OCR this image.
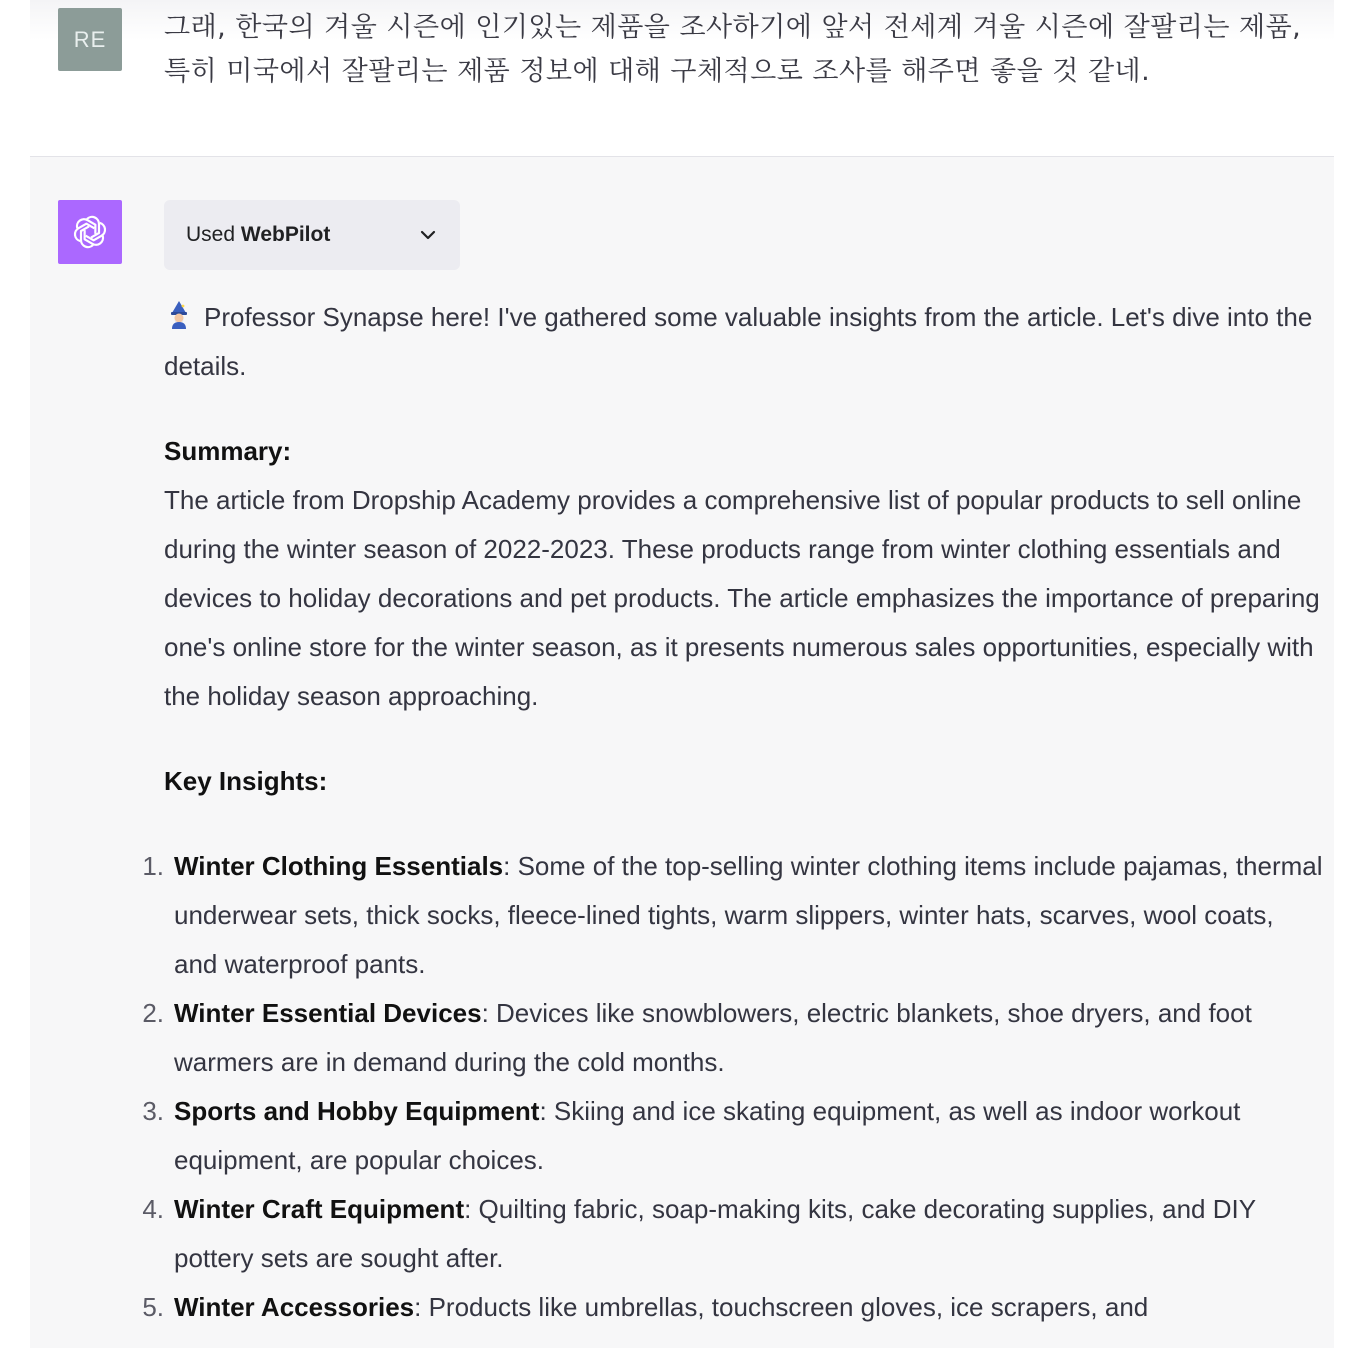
RE	그래, 한국의 겨울 시즌에 인기있는 제품을 조사하기에 앞서 전세계 겨울 시즌에 잘팔리는 제품, 특히 미국에서 잘팔리는 제품 정보에 대해 구체적으로 조사를 해주면 좋을 것 같네.
Used WebPilot

Professor Synapse here! I've gathered some valuable insights from the article. Let's dive into the details.

Summary:

The article from Dropship Academy provides a comprehensive list of popular products to sell online during the winter season of 2022-2023. These products range from winter clothing essentials and devices to holiday decorations and pet products. The article emphasizes the importance of preparing one's online store for the winter season, as it presents numerous sales opportunities, especially with the holiday season approaching.

Key Insights:

1. Winter Clothing Essentials: Some of the top-selling winter clothing items include pajamas, thermal underwear sets, thick socks, fleece-lined tights, warm slippers, winter hats, scarves, wool coats, and waterproof pants.
2. Winter Essential Devices: Devices like snowblowers, electric blankets, shoe dryers, and foot warmers are in demand during the cold months.
3. Sports and Hobby Equipment: Skiing and ice skating equipment, as well as indoor workout equipment, are popular choices.
4. Winter Craft Equipment: Quilting fabric, soap-making kits, cake decorating supplies, and DIY pottery sets are sought after.
5. Winter Accessories: Products like umbrellas, touchscreen gloves, ice scrapers, and
